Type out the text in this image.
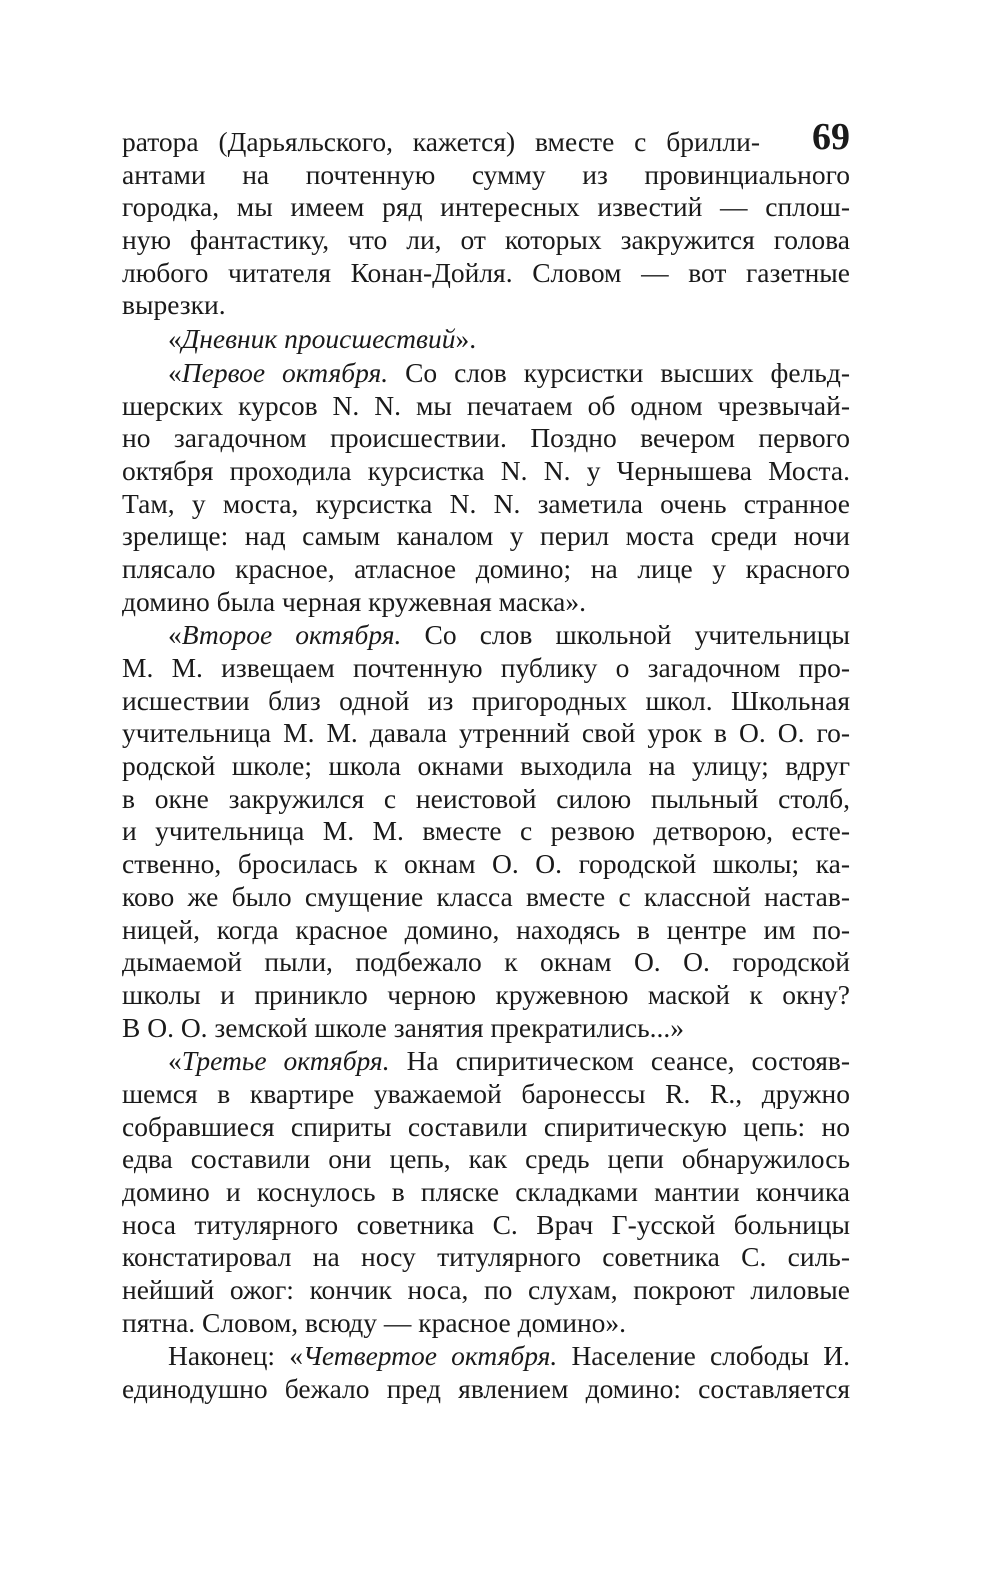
69
ратора (Дарьяльского, кажется) вместе с брилли-
антами на почтенную сумму из провинциального
городка, мы имеем ряд интересных известий — сплош-
ную фантастику, что ли, от которых закружится голова
любого читателя Конан-Дойля. Словом — вот газетные
вырезки.
«Дневник происшествий».
«Первое октября. Со слов курсистки высших фельд-
шерских курсов N. N. мы печатаем об одном чрезвычай-
но загадочном происшествии. Поздно вечером первого
октября проходила курсистка N. N. у Чернышева Моста.
Там, у моста, курсистка N. N. заметила очень странное
зрелище: над самым каналом у перил моста среди ночи
плясало красное, атласное домино; на лице у красного
домино была черная кружевная маска».
«Второе октября. Со слов школьной учительницы
М. М. извещаем почтенную публику о загадочном про-
исшествии близ одной из пригородных школ. Школьная
учительница М. М. давала утренний свой урок в О. О. го-
родской школе; школа окнами выходила на улицу; вдруг
в окне закружился с неистовой силою пыльный столб,
и учительница М. М. вместе с резвою детворою, есте-
ственно, бросилась к окнам О. О. городской школы; ка-
ково же было смущение класса вместе с классной настав-
ницей, когда красное домино, находясь в центре им по-
дымаемой пыли, подбежало к окнам О. О. городской
школы и приникло черною кружевною маской к окну?
В О. О. земской школе занятия прекратились...»
«Третье октября. На спиритическом сеансе, состояв-
шемся в квартире уважаемой баронессы R. R., дружно
собравшиеся спириты составили спиритическую цепь: но
едва составили они цепь, как средь цепи обнаружилось
домино и коснулось в пляске складками мантии кончика
носа титулярного советника С. Врач Г-усской больницы
констатировал на носу титулярного советника С. силь-
нейший ожог: кончик носа, по слухам, покроют лиловые
пятна. Словом, всюду — красное домино».
Наконец: «Четвертое октября. Население слободы И.
единодушно бежало пред явлением домино: составляется
